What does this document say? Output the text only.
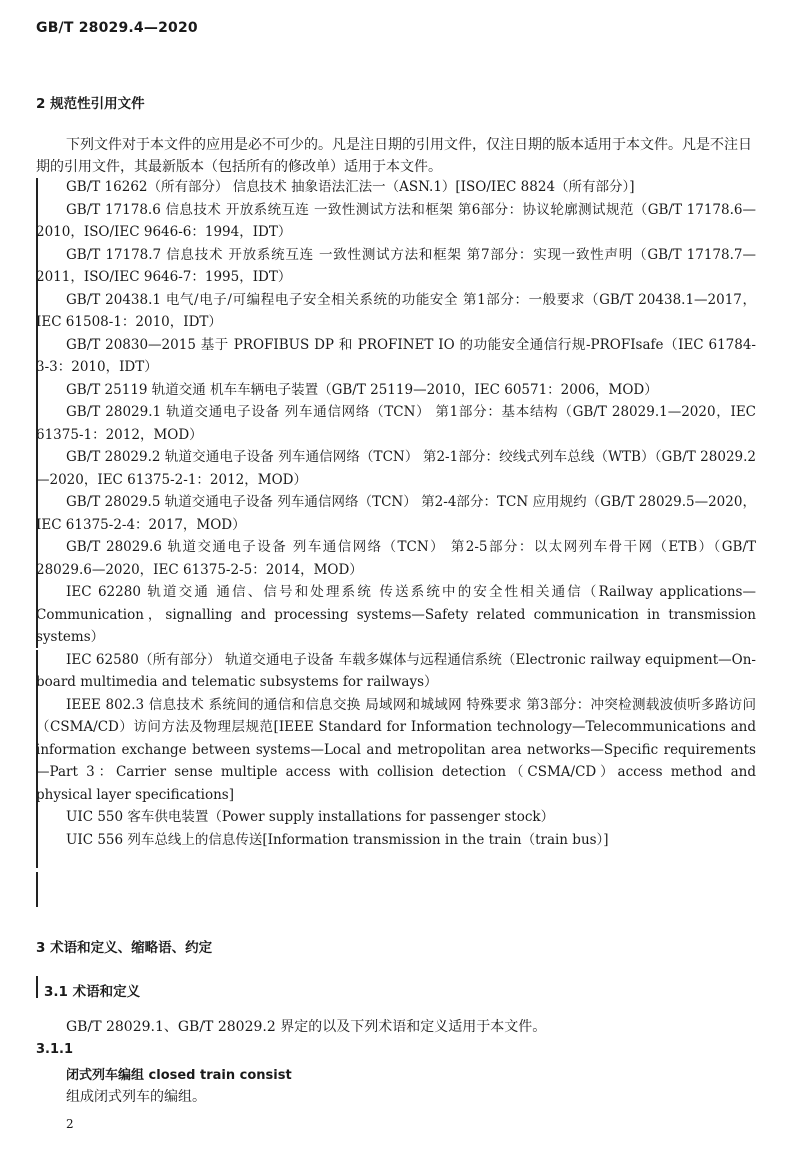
GB/T 28029.4—2020
2 规范性引用文件
下列文件对于本文件的应用是必不可少的。凡是注日期的引用文件，仅注日期的版本适用于本文件。凡是不注日期的引用文件，其最新版本（包括所有的修改单）适用于本文件。
GB/T 16262（所有部分） 信息技术 抽象语法汇法一（ASN.1）[ISO/IEC 8824（所有部分）]
GB/T 17178.6 信息技术 开放系统互连 一致性测试方法和框架 第6部分：协议轮廓测试规范（GB/T 17178.6—2010，ISO/IEC 9646-6：1994，IDT）
GB/T 17178.7 信息技术 开放系统互连 一致性测试方法和框架 第7部分：实现一致性声明（GB/T 17178.7—2011，ISO/IEC 9646-7：1995，IDT）
GB/T 20438.1 电气/电子/可编程电子安全相关系统的功能安全 第1部分：一般要求（GB/T 20438.1—2017，IEC 61508-1：2010，IDT）
GB/T 20830—2015 基于 PROFIBUS DP 和 PROFINET IO 的功能安全通信行规-PROFIsafe（IEC 61784-3-3：2010，IDT）
GB/T 25119 轨道交通 机车车辆电子装置（GB/T 25119—2010，IEC 60571：2006，MOD）
GB/T 28029.1 轨道交通电子设备 列车通信网络（TCN） 第1部分：基本结构（GB/T 28029.1—2020，IEC 61375-1：2012，MOD）
GB/T 28029.2 轨道交通电子设备 列车通信网络（TCN） 第2-1部分：绞线式列车总线（WTB）（GB/T 28029.2—2020，IEC 61375-2-1：2012，MOD）
GB/T 28029.5 轨道交通电子设备 列车通信网络（TCN） 第2-4部分：TCN 应用规约（GB/T 28029.5—2020，IEC 61375-2-4：2017，MOD）
GB/T 28029.6 轨道交通电子设备 列车通信网络（TCN） 第2-5部分：以太网列车骨干网（ETB）（GB/T 28029.6—2020，IEC 61375-2-5：2014，MOD）
IEC 62280 轨道交通 通信、信号和处理系统 传送系统中的安全性相关通信（Railway applications—Communication，signalling and processing systems—Safety related communication in transmission systems）
IEC 62580（所有部分） 轨道交通电子设备 车载多媒体与远程通信系统（Electronic railway equipment—On-board multimedia and telematic subsystems for railways）
IEEE 802.3 信息技术 系统间的通信和信息交换 局域网和城域网 特殊要求 第3部分：冲突检测载波侦听多路访问（CSMA/CD）访问方法及物理层规范[IEEE Standard for Information technology—Telecommunications and information exchange between systems—Local and metropolitan area networks—Specific requirements—Part 3：Carrier sense multiple access with collision detection（CSMA/CD）access method and physical layer specifications]
UIC 550 客车供电装置（Power supply installations for passenger stock）
UIC 556 列车总线上的信息传送[Information transmission in the train（train bus）]
3 术语和定义、缩略语、约定
3.1 术语和定义
GB/T 28029.1、GB/T 28029.2 界定的以及下列术语和定义适用于本文件。
3.1.1
闭式列车编组 closed train consist
组成闭式列车的编组。
2
